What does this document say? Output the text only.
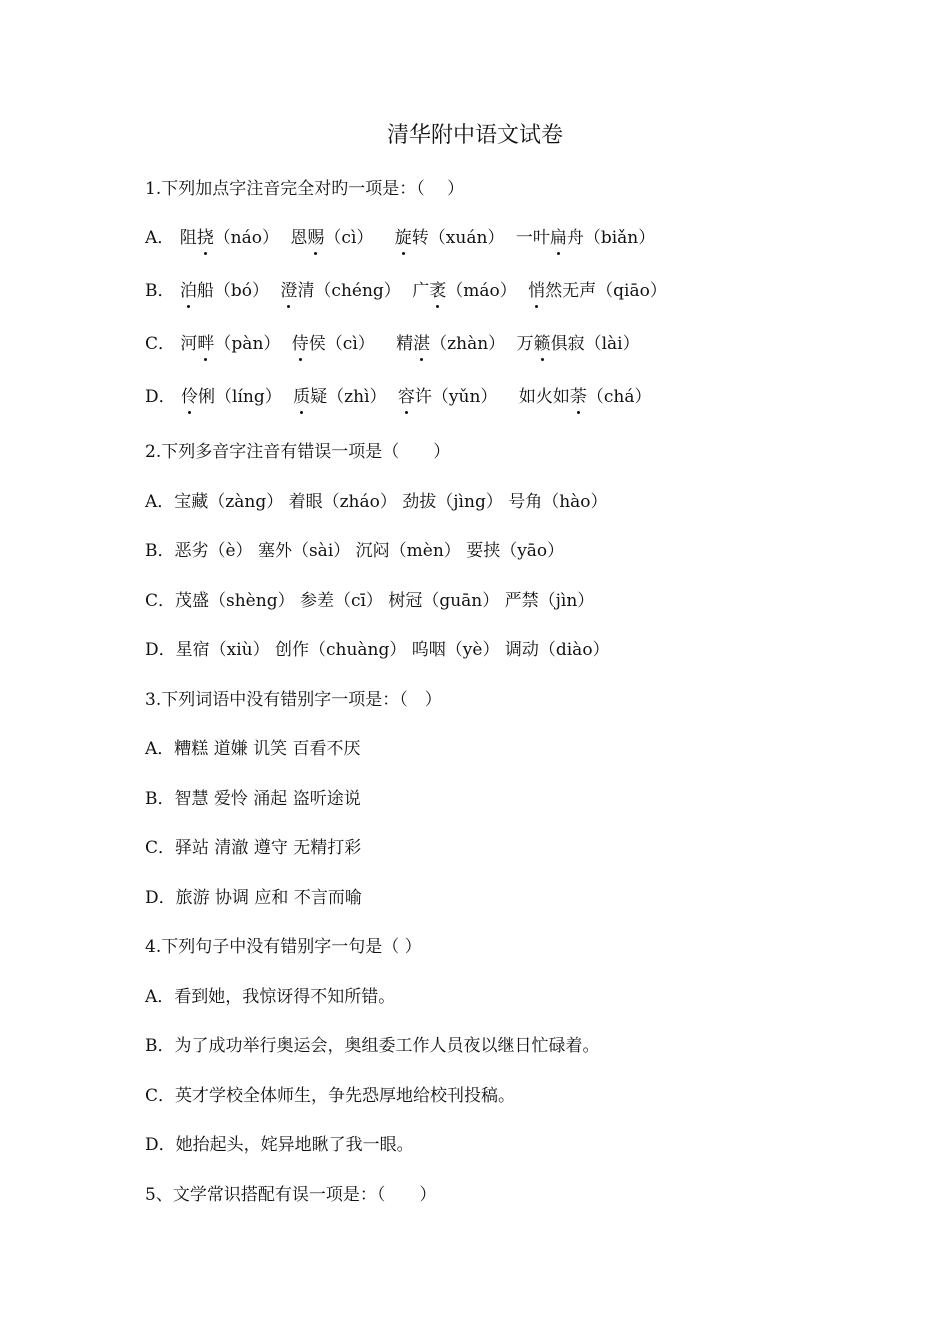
清华附中语文试卷
1.下列加点字注音完全对旳一项是：（　 ）
A． 阻挠（náo） 恩赐（cì） 旋转（xuán） 一叶扁舟（biǎn）
B． 泊船（bó） 澄清（chéng） 广袤（máo） 悄然无声（qiāo）
C． 河畔（pàn） 侍侯（cì） 精湛（zhàn） 万籁俱寂（lài）
D． 伶俐（líng） 质疑（zhì） 容许（yǔn） 如火如荼（chá）
2.下列多音字注音有错误一项是（　　）
A．宝藏（zàng） 着眼（zháo） 劲拔（jìng） 号角（hào）
B．恶劣（è） 塞外（sài） 沉闷（mèn） 要挟（yāo）
C．茂盛（shèng） 参差（cī） 树冠（guān） 严禁（jìn）
D．星宿（xiù） 创作（chuàng） 呜咽（yè） 调动（diào）
3.下列词语中没有错别字一项是：（　）
A．糟糕 道嫌 讥笑 百看不厌
B．智慧 爱怜 涌起 盗听途说
C．驿站 清澈 遵守 无精打彩
D．旅游 协调 应和 不言而喻
4.下列句子中没有错别字一句是（ ）
A．看到她，我惊讶得不知所错。
B．为了成功举行奥运会，奥组委工作人员夜以继日忙碌着。
C．英才学校全体师生，争先恐厚地给校刊投稿。
D．她抬起头，姹异地瞅了我一眼。
5、文学常识搭配有误一项是：（　　）
